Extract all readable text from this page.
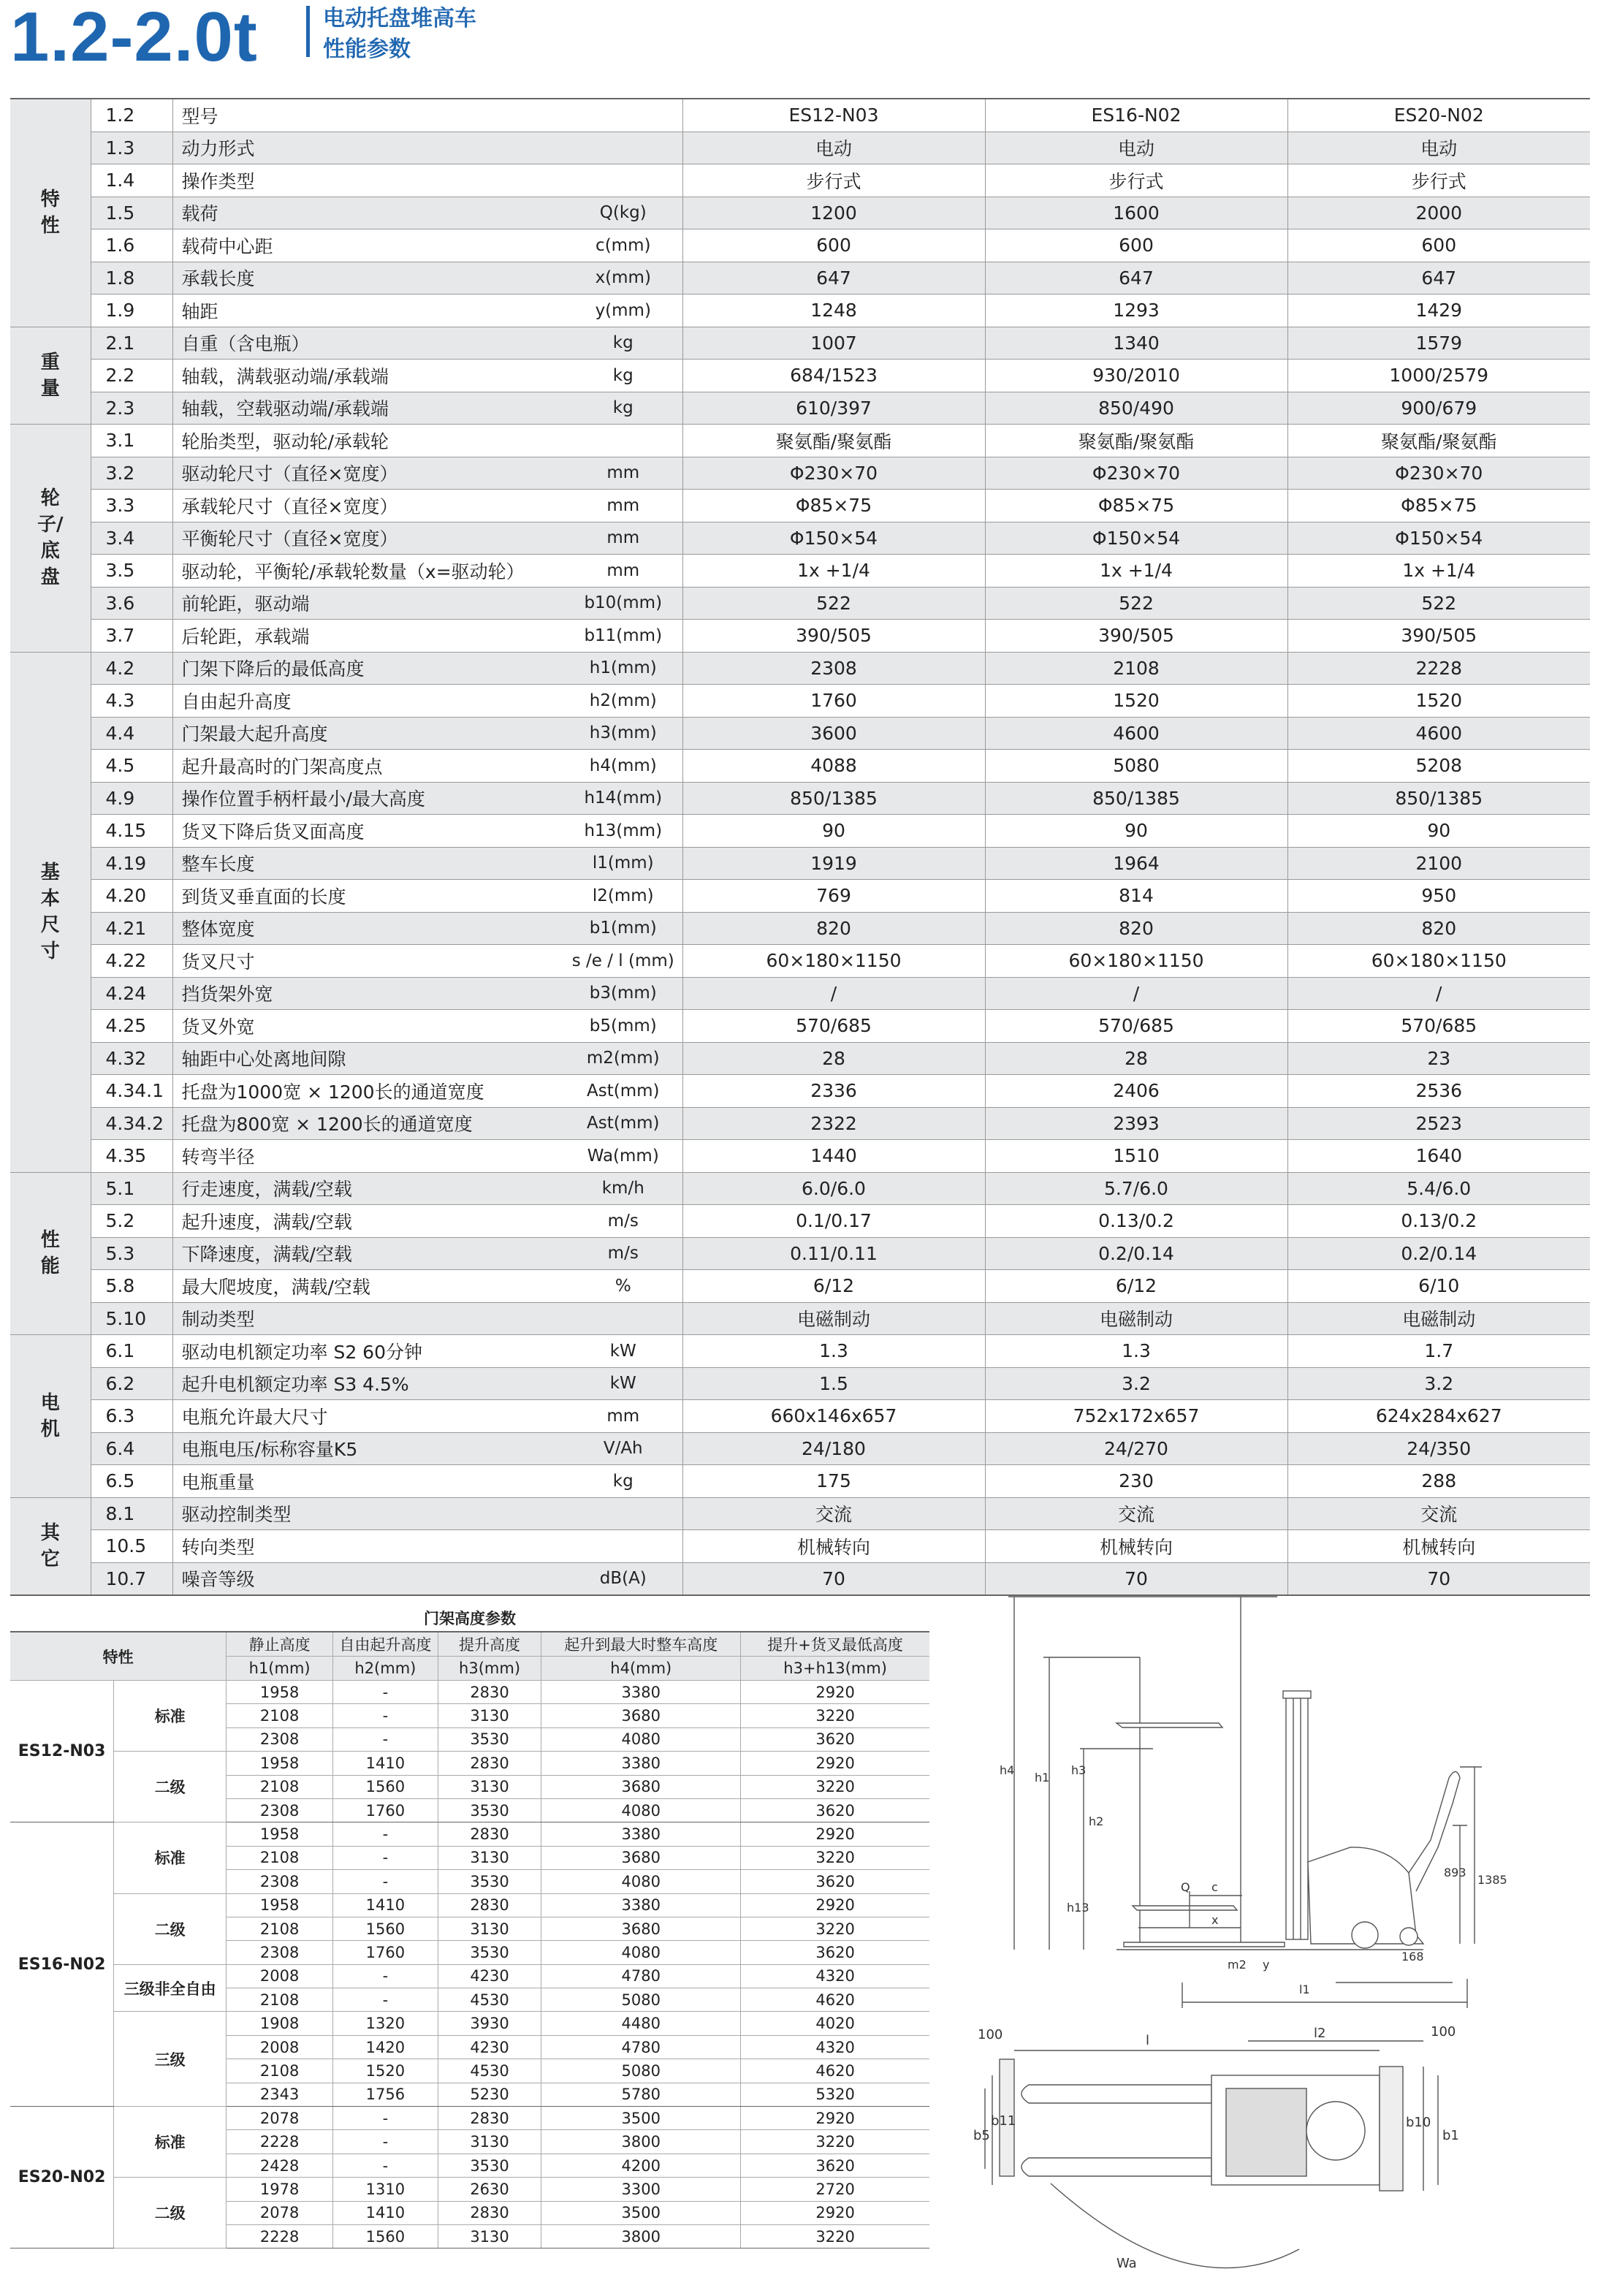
1.2-2.0t	电动托盘堆高车
性能参数
特性	1.2	型号		ES12-N03	ES16-N02	ES20-N02
	1.3	动力形式		电动	电动	电动
	1.4	操作类型		步行式	步行式	步行式
	1.5	载荷	Q(kg)	1200	1600	2000
	1.6	载荷中心距	c(mm)	600	600	600
	1.8	承载长度	x(mm)	647	647	647
	1.9	轴距	y(mm)	1248	1293	1429
重量	2.1	自重（含电瓶）	kg	1007	1340	1579
	2.2	轴载，满载驱动端/承载端	kg	684/1523	930/2010	1000/2579
	2.3	轴载，空载驱动端/承载端	kg	610/397	850/490	900/679
轮子/底盘	3.1	轮胎类型，驱动轮/承载轮		聚氨酯/聚氨酯	聚氨酯/聚氨酯	聚氨酯/聚氨酯
	3.2	驱动轮尺寸（直径×宽度）	mm	Φ230×70	Φ230×70	Φ230×70
	3.3	承载轮尺寸（直径×宽度）	mm	Φ85×75	Φ85×75	Φ85×75
	3.4	平衡轮尺寸（直径×宽度）	mm	Φ150×54	Φ150×54	Φ150×54
	3.5	驱动轮，平衡轮/承载轮数量（x=驱动轮）	mm	1x +1/4	1x +1/4	1x +1/4
	3.6	前轮距，驱动端	b10(mm)	522	522	522
	3.7	后轮距，承载端	b11(mm)	390/505	390/505	390/505
基本尺寸	4.2	门架下降后的最低高度	h1(mm)	2308	2108	2228
	4.3	自由起升高度	h2(mm)	1760	1520	1520
	4.4	门架最大起升高度	h3(mm)	3600	4600	4600
	4.5	起升最高时的门架高度点	h4(mm)	4088	5080	5208
	4.9	操作位置手柄杆最小/最大高度	h14(mm)	850/1385	850/1385	850/1385
	4.15	货叉下降后货叉面高度	h13(mm)	90	90	90
	4.19	整车长度	l1(mm)	1919	1964	2100
	4.20	到货叉垂直面的长度	l2(mm)	769	814	950
	4.21	整体宽度	b1(mm)	820	820	820
	4.22	货叉尺寸	s /e / l (mm)	60×180×1150	60×180×1150	60×180×1150
	4.24	挡货架外宽	b3(mm)	/	/	/
	4.25	货叉外宽	b5(mm)	570/685	570/685	570/685
	4.32	轴距中心处离地间隙	m2(mm)	28	28	23
	4.34.1	托盘为1000宽 × 1200长的通道宽度	Ast(mm)	2336	2406	2536
	4.34.2	托盘为800宽 × 1200长的通道宽度	Ast(mm)	2322	2393	2523
	4.35	转弯半径	Wa(mm)	1440	1510	1640
性能	5.1	行走速度，满载/空载	km/h	6.0/6.0	5.7/6.0	5.4/6.0
	5.2	起升速度，满载/空载	m/s	0.1/0.17	0.13/0.2	0.13/0.2
	5.3	下降速度，满载/空载	m/s	0.11/0.11	0.2/0.14	0.2/0.14
	5.8	最大爬坡度，满载/空载	%	6/12	6/12	6/10
	5.10	制动类型		电磁制动	电磁制动	电磁制动
电机	6.1	驱动电机额定功率 S2 60分钟	kW	1.3	1.3	1.7
	6.2	起升电机额定功率 S3 4.5%	kW	1.5	3.2	3.2
	6.3	电瓶允许最大尺寸	mm	660x146x657	752x172x657	624x284x627
	6.4	电瓶电压/标称容量K5	V/Ah	24/180	24/270	24/350
	6.5	电瓶重量	kg	175	230	288
其它	8.1	驱动控制类型		交流	交流	交流
	10.5	转向类型		机械转向	机械转向	机械转向
	10.7	噪音等级	dB(A)	70	70	70
门架高度参数						
特性		静止高度	自由起升高度	提升高度	起升到最大时整车高度	提升+货叉最低高度
		h1(mm)	h2(mm)	h3(mm)	h4(mm)	h3+h13(mm)
ES12-N03	标准	1958	-	2830	3380	2920
		2108	-	3130	3680	3220
		2308	-	3530	4080	3620
	二级	1958	1410	2830	3380	2920
		2108	1560	3130	3680	3220
		2308	1760	3530	4080	3620
ES16-N02	标准	1958	-	2830	3380	2920
		2108	-	3130	3680	3220
		2308	-	3530	4080	3620
	二级	1958	1410	2830	3380	2920
		2108	1560	3130	3680	3220
		2308	1760	3530	4080	3620
	三级非全自由	2008	-	4230	4780	4320
		2108	-	4530	5080	4620
	三级	1908	1320	3930	4480	4020
		2008	1420	4230	4780	4320
		2108	1520	4530	5080	4620
		2343	1756	5230	5780	5320
ES20-N02	标准	2078	-	2830	3500	2920
		2228	-	3130	3800	3220
		2428	-	3530	4200	3620
	二级	1978	1310	2630	3300	2720
		2078	1410	2830	3500	2920
		2228	1560	3130	3800	3220
h4
h1
h3
h2
h13
Q c
x
m2 y
l1
893
1385
168
100	l	l2	100
b5
b11	b10
b1
Wa
